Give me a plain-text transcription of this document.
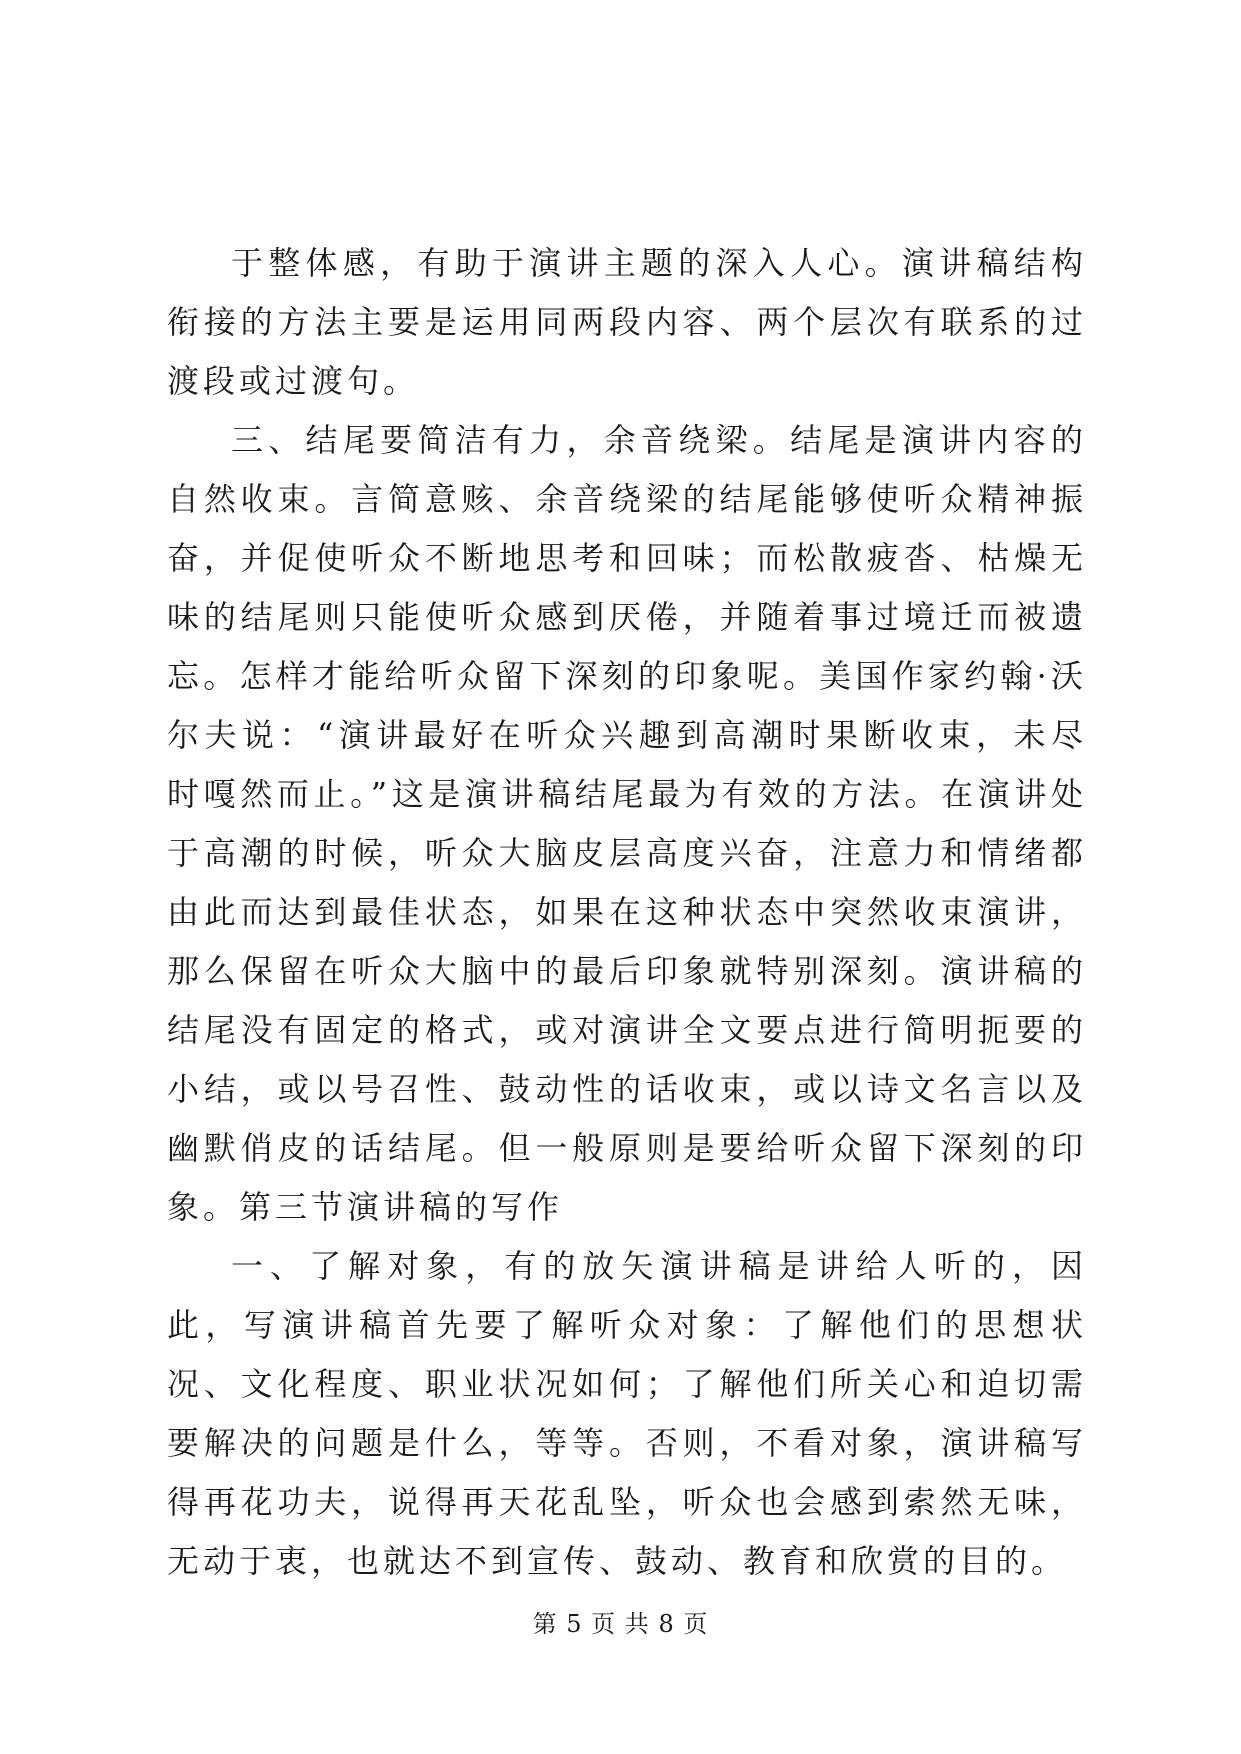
于整体感，有助于演讲主题的深入人心。演讲稿结构衔接的方法主要是运用同两段内容、两个层次有联系的过渡段或过渡句。

三、结尾要简洁有力，余音绕梁。结尾是演讲内容的自然收束。言简意赅、余音绕梁的结尾能够使听众精神振奋，并促使听众不断地思考和回味；而松散疲沓、枯燥无味的结尾则只能使听众感到厌倦，并随着事过境迁而被遗忘。怎样才能给听众留下深刻的印象呢。美国作家约翰·沃尔夫说：“演讲最好在听众兴趣到高潮时果断收束，未尽时嘎然而止。”这是演讲稿结尾最为有效的方法。在演讲处于高潮的时候，听众大脑皮层高度兴奋，注意力和情绪都由此而达到最佳状态，如果在这种状态中突然收束演讲，那么保留在听众大脑中的最后印象就特别深刻。演讲稿的结尾没有固定的格式，或对演讲全文要点进行简明扼要的小结，或以号召性、鼓动性的话收束，或以诗文名言以及幽默俏皮的话结尾。但一般原则是要给听众留下深刻的印象。第三节演讲稿的写作

一、了解对象，有的放矢演讲稿是讲给人听的，因此，写演讲稿首先要了解听众对象：了解他们的思想状况、文化程度、职业状况如何；了解他们所关心和迫切需要解决的问题是什么，等等。否则，不看对象，演讲稿写得再花功夫，说得再天花乱坠，听众也会感到索然无味，无动于衷，也就达不到宣传、鼓动、教育和欣赏的目的。

第 5 页 共 8 页
